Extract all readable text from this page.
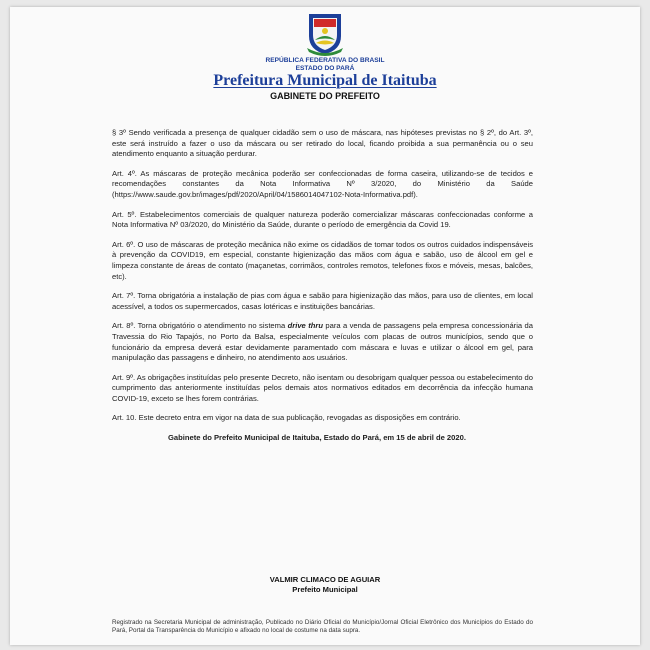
REPÚBLICA FEDERATIVA DO BRASIL
ESTADO DO PARÁ
Prefeitura Municipal de Itaituba
GABINETE DO PREFEITO

§ 3º Sendo verificada a presença de qualquer cidadão sem o uso de máscara, nas hipóteses previstas no § 2º, do Art. 3º, este será instruído a fazer o uso da máscara ou ser retirado do local, ficando proibida a sua permanência ou o seu atendimento enquanto a situação perdurar.

Art. 4º. As máscaras de proteção mecânica poderão ser confeccionadas de forma caseira, utilizando-se de tecidos e recomendações constantes da Nota Informativa Nº 3/2020, do Ministério da Saúde (https://www.saude.gov.br/images/pdf/2020/April/04/1586014047102-Nota-Informativa.pdf).

Art. 5º. Estabelecimentos comerciais de qualquer natureza poderão comercializar máscaras confeccionadas conforme a Nota Informativa Nº 03/2020, do Ministério da Saúde, durante o período de emergência da Covid 19.

Art. 6º. O uso de máscaras de proteção mecânica não exime os cidadãos de tomar todos os outros cuidados indispensáveis à prevenção da COVID19, em especial, constante higienização das mãos com água e sabão, uso de álcool em gel e limpeza constante de áreas de contato (maçanetas, corrimãos, controles remotos, telefones fixos e móveis, mesas, balcões, etc).

Art. 7º. Torna obrigatória a instalação de pias com água e sabão para higienização das mãos, para uso de clientes, em local acessível, a todos os supermercados, casas lotéricas e instituições bancárias.

Art. 8º. Torna obrigatório o atendimento no sistema drive thru para a venda de passagens pela empresa concessionária da Travessia do Rio Tapajós, no Porto da Balsa, especialmente veículos com placas de outros municípios, sendo que o funcionário da empresa deverá estar devidamente paramentado com máscara e luvas e utilizar o álcool em gel, para manipulação das passagens e dinheiro, no atendimento aos usuários.

Art. 9º. As obrigações instituídas pelo presente Decreto, não isentam ou desobrigam qualquer pessoa ou estabelecimento do cumprimento das anteriormente instituídas pelos demais atos normativos editados em decorrência da infecção humana COVID-19, exceto se lhes forem contrárias.

Art. 10. Este decreto entra em vigor na data de sua publicação, revogadas as disposições em contrário.

Gabinete do Prefeito Municipal de Itaituba, Estado do Pará, em 15 de abril de 2020.

VALMIR CLIMACO DE AGUIAR
Prefeito Municipal
Registrado na Secretaria Municipal de administração, Publicado no Diário Oficial do Município/Jornal Oficial Eletrônico dos Municípios do Estado do Pará, Portal da Transparência do Município e afixado no local de costume na data supra.
